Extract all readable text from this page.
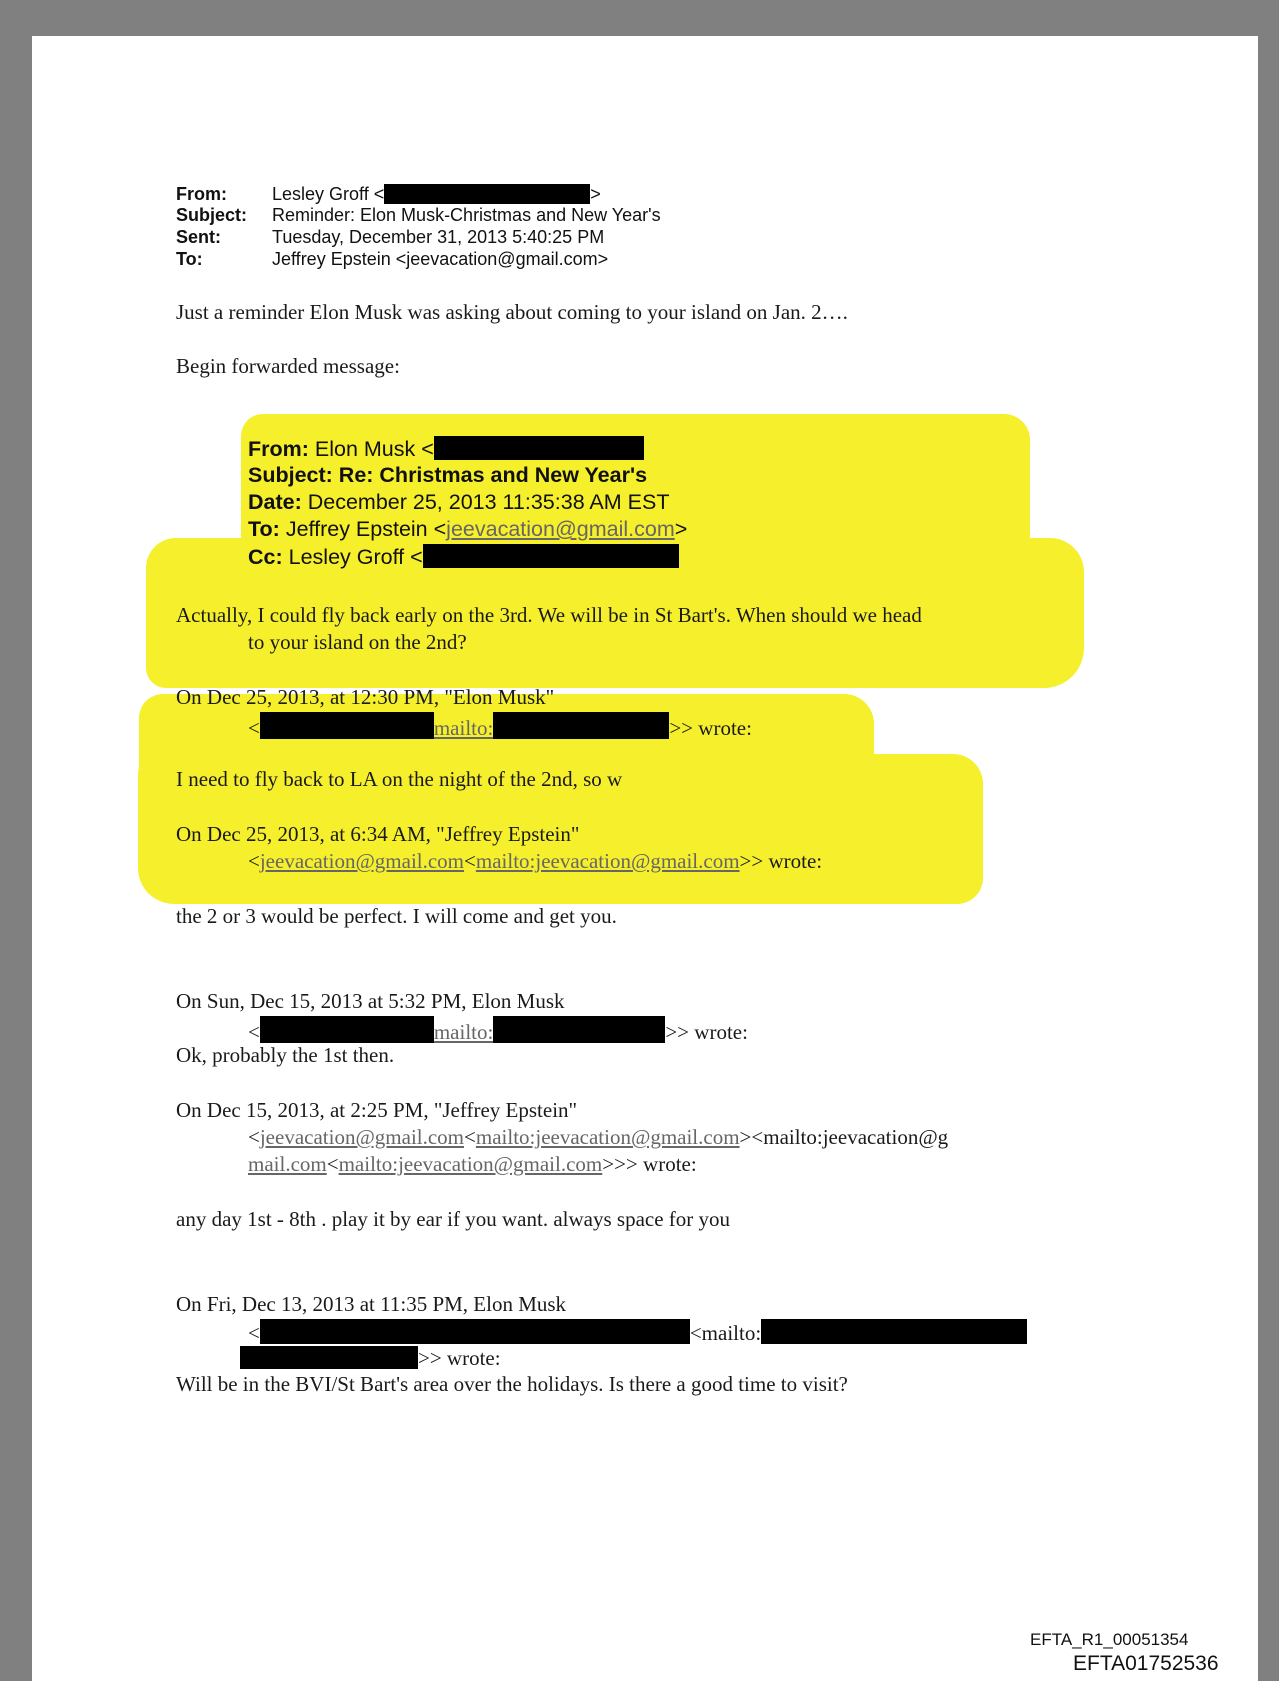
From:	Lesley Groff <	>
Subject: Reminder: Elon Musk-Christmas and New Year's
Sent:	Tuesday, December 31, 2013 5:40:25 PM
To:	Jeffrey Epstein <jeevacation@gmail.com>
Just a reminder Elon Musk was asking about coming to your island on Jan. 2….
Begin forwarded message:
From: Elon Musk <
Subject: Re: Christmas and New Year's
Date: December 25, 2013 11:35:38 AM EST
To: Jeffrey Epstein <jeevacation@gmail.com>
Cc: Lesley Groff <
Actually, I could fly back early on the 3rd. We will be in St Bart's. When should we head
to your island on the 2nd?
On Dec 25, 2013, at 12:30 PM, "Elon Musk"
<	mailto:	>> wrote:
I need to fly back to LA on the night of the 2nd, so w
On Dec 25, 2013, at 6:34 AM, "Jeffrey Epstein"
<jeevacation@gmail.com<mailto:jeevacation@gmail.com>> wrote:
the 2 or 3 would be perfect. I will come and get you.
On Sun, Dec 15, 2013 at 5:32 PM, Elon Musk
<	mailto:	>> wrote:
Ok, probably the 1st then.
On Dec 15, 2013, at 2:25 PM, "Jeffrey Epstein"
<jeevacation@gmail.com<mailto:jeevacation@gmail.com><mailto:jeevacation@g
mail.com<mailto:jeevacation@gmail.com>>> wrote:
any day 1st - 8th . play it by ear if you want. always space for you
On Fri, Dec 13, 2013 at 11:35 PM, Elon Musk
<	<mailto:
>> wrote:
Will be in the BVI/St Bart's area over the holidays. Is there a good time to visit?
EFTA_R1_00051354
EFTA01752536
